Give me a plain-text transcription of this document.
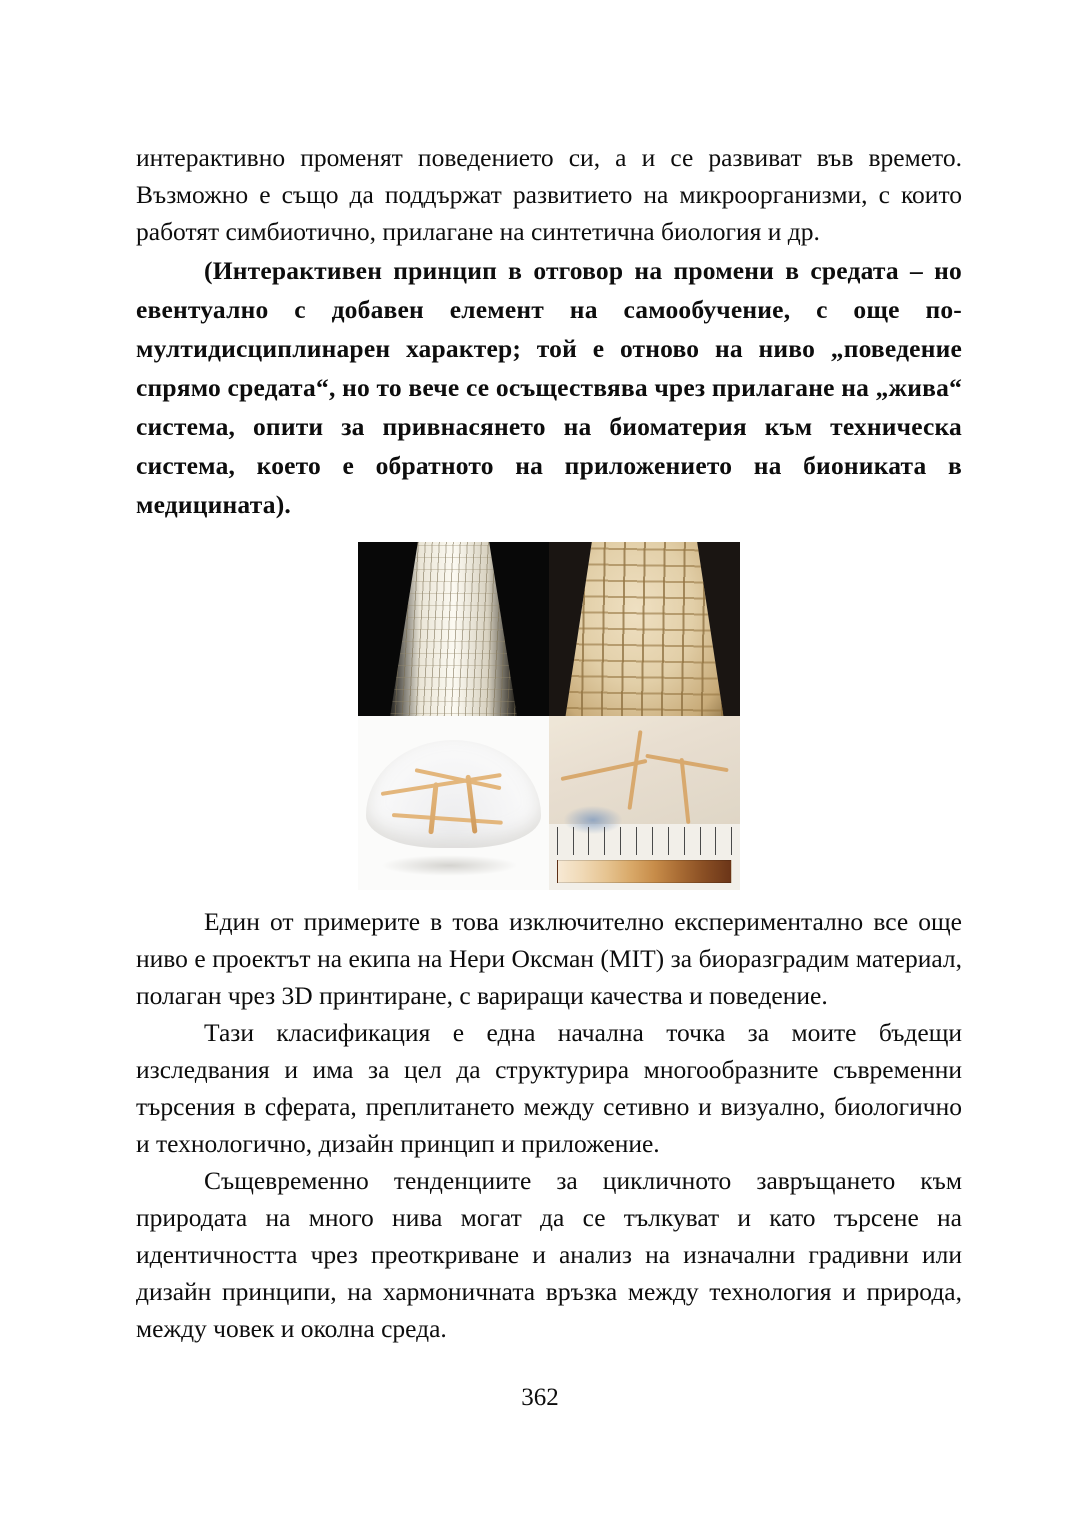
интерактивно променят поведението си, а и се развиват във времето. Възможно е също да поддържат развитието на микроорганизми, с които работят симбиотично, прилагане на синтетична биология и др.

(Интерактивен принцип в отговор на промени в средата – но евентуално с добавен елемент на самообучение, с още по-мултидисциплинарен характер; той е отново на ниво „поведение спрямо средата“, но то вече се осъществява чрез прилагане на „жива“ система, опити за привнасянето на биоматерия към техническа система, което е обратното на приложението на биониката в медицината).

Един от примерите в това изключително експериментално все още ниво е проектът на екипа на Нери Оксман (MIT) за биоразградим материал, полаган чрез 3D принтиране, с вариращи качества и поведение.

Тази класификация е една начална точка за моите бъдещи изследвания и има за цел да структурира многообразните съвременни търсения в сферата, преплитането между сетивно и визуално, биологично и технологично, дизайн принцип и приложение.

Същевременно тенденциите за цикличното завръщането към природата на много нива могат да се тълкуват и като търсене на идентичността чрез преоткриване и анализ на изначални градивни или дизайн принципи, на хармоничната връзка между технология и природа, между човек и околна среда.

362
